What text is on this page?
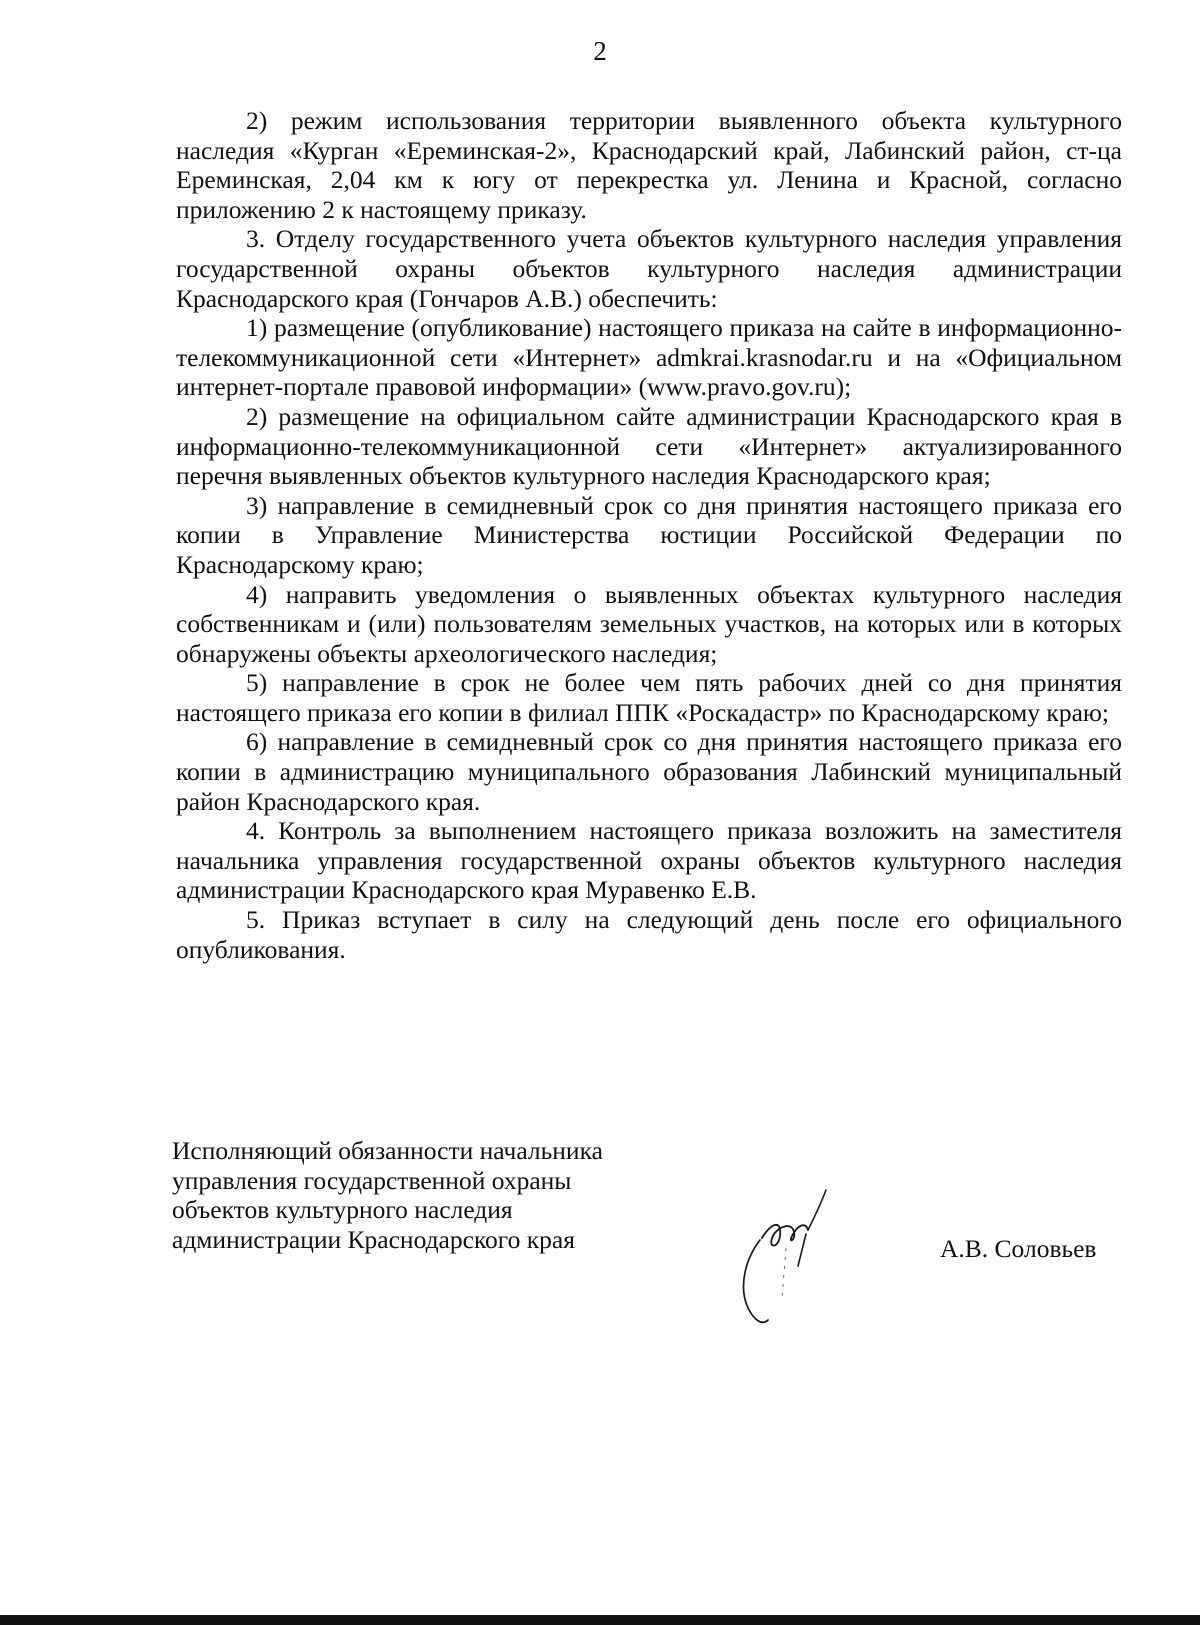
2

2) режим использования территории выявленного объекта культурного наследия «Курган «Ереминская-2», Краснодарский край, Лабинский район, ст-ца Ереминская, 2,04 км к югу от перекрестка ул. Ленина и Красной, согласно приложению 2 к настоящему приказу.

3. Отделу государственного учета объектов культурного наследия управления государственной охраны объектов культурного наследия администрации Краснодарского края (Гончаров А.В.) обеспечить:

1) размещение (опубликование) настоящего приказа на сайте в информационно-телекоммуникационной сети «Интернет» admkrai.krasnodar.ru и на «Официальном интернет-портале правовой информации» (www.pravo.gov.ru);

2) размещение на официальном сайте администрации Краснодарского края в информационно-телекоммуникационной сети «Интернет» актуализированного перечня выявленных объектов культурного наследия Краснодарского края;

3) направление в семидневный срок со дня принятия настоящего приказа его копии в Управление Министерства юстиции Российской Федерации по Краснодарскому краю;

4) направить уведомления о выявленных объектах культурного наследия собственникам и (или) пользователям земельных участков, на которых или в которых обнаружены объекты археологического наследия;

5) направление в срок не более чем пять рабочих дней со дня принятия настоящего приказа его копии в филиал ППК «Роскадастр» по Краснодарскому краю;

6) направление в семидневный срок со дня принятия настоящего приказа его копии в администрацию муниципального образования Лабинский муниципальный район Краснодарского края.

4. Контроль за выполнением настоящего приказа возложить на заместителя начальника управления государственной охраны объектов культурного наследия администрации Краснодарского края Муравенко Е.В.

5. Приказ вступает в силу на следующий день после его официального опубликования.

Исполняющий обязанности начальника
управления государственной охраны
объектов культурного наследия
администрации Краснодарского края	А.В. Соловьев
